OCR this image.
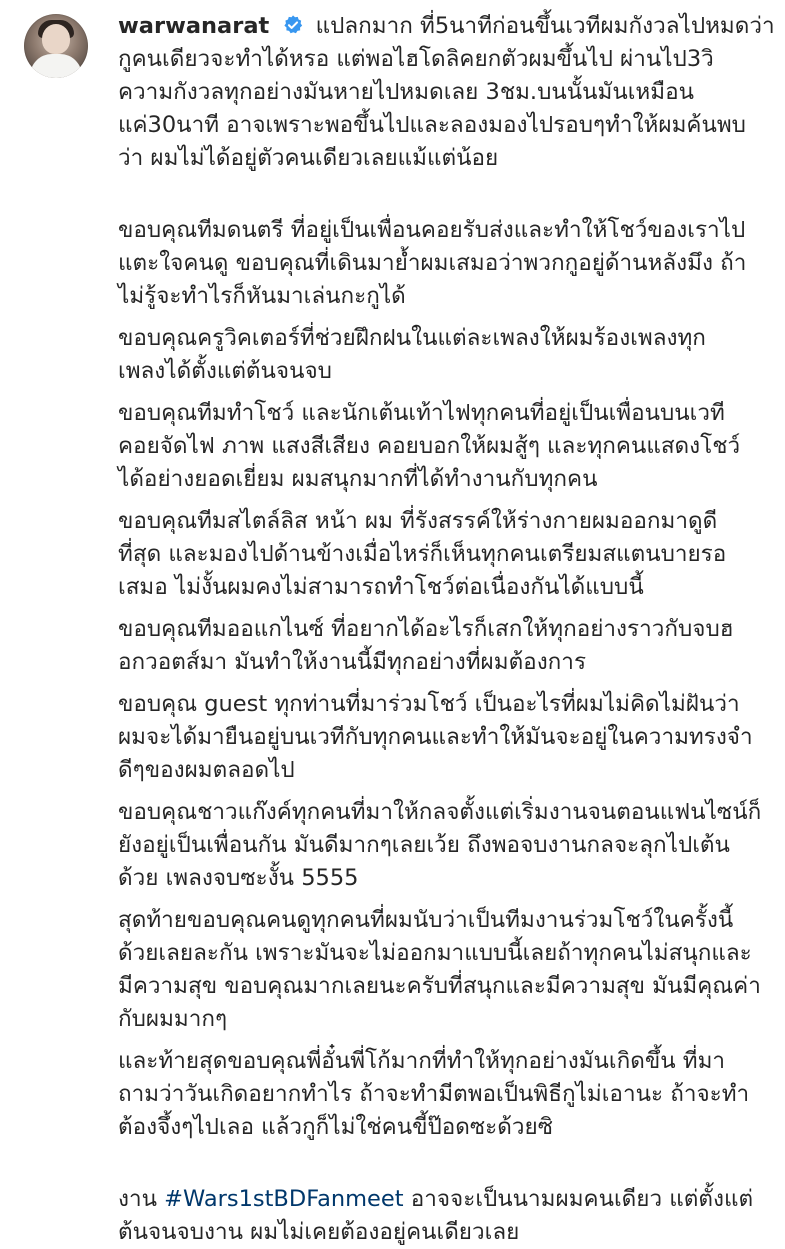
warwanarat แปลกมาก ที่5นาทีก่อนขึ้นเวทีผมกังวลไปหมดว่า
กูคนเดียวจะทำได้หรอ แต่พอไฮโดลิคยกตัวผมขึ้นไป ผ่านไป3วิ
ความกังวลทุกอย่างมันหายไปหมดเลย 3ชม.บนนั้นมันเหมือน
แค่30นาที อาจเพราะพอขึ้นไปและลองมองไปรอบๆทำให้ผมค้นพบ
ว่า ผมไม่ได้อยู่ตัวคนเดียวเลยแม้แต่น้อย
ขอบคุณทีมดนตรี ที่อยู่เป็นเพื่อนคอยรับส่งและทำให้โชว์ของเราไป
แตะใจคนดู ขอบคุณที่เดินมาย้ำผมเสมอว่าพวกกูอยู่ด้านหลังมึง ถ้า
ไม่รู้จะทำไรก็หันมาเล่นกะกูได้
ขอบคุณครูวิคเตอร์ที่ช่วยฝึกฝนในแต่ละเพลงให้ผมร้องเพลงทุก
เพลงได้ตั้งแต่ต้นจนจบ
ขอบคุณทีมทำโชว์ และนักเต้นเท้าไฟทุกคนที่อยู่เป็นเพื่อนบนเวที
คอยจัดไฟ ภาพ แสงสีเสียง คอยบอกให้ผมสู้ๆ และทุกคนแสดงโชว์
ได้อย่างยอดเยี่ยม ผมสนุกมากที่ได้ทำงานกับทุกคน
ขอบคุณทีมสไตล์ลิส หน้า ผม ที่รังสรรค์ให้ร่างกายผมออกมาดูดี
ที่สุด และมองไปด้านข้างเมื่อไหร่ก็เห็นทุกคนเตรียมสแตนบายรอ
เสมอ ไม่งั้นผมคงไม่สามารถทำโชว์ต่อเนื่องกันได้แบบนี้
ขอบคุณทีมออแกไนซ์ ที่อยากได้อะไรก็เสกให้ทุกอย่างราวกับจบฮ
อกวอตส์มา มันทำให้งานนี้มีทุกอย่างที่ผมต้องการ
ขอบคุณ guest ทุกท่านที่มาร่วมโชว์ เป็นอะไรที่ผมไม่คิดไม่ฝันว่า
ผมจะได้มายืนอยู่บนเวทีกับทุกคนและทำให้มันจะอยู่ในความทรงจำ
ดีๆของผมตลอดไป
ขอบคุณชาวแก๊งค์ทุกคนที่มาให้กลจตั้งแต่เริ่มงานจนตอนแฟนไซน์ก็
ยังอยู่เป็นเพื่อนกัน มันดีมากๆเลยเว้ย ถึงพอจบงานกลจะลุกไปเต้น
ด้วย เพลงจบซะงั้น 5555
สุดท้ายขอบคุณคนดูทุกคนที่ผมนับว่าเป็นทีมงานร่วมโชว์ในครั้งนี้
ด้วยเลยละกัน เพราะมันจะไม่ออกมาแบบนี้เลยถ้าทุกคนไม่สนุกและ
มีความสุข ขอบคุณมากเลยนะครับที่สนุกและมีความสุข มันมีคุณค่า
กับผมมากๆ
และท้ายสุดขอบคุณพี่อั๋นพี่โก้มากที่ทำให้ทุกอย่างมันเกิดขึ้น ที่มา
ถามว่าวันเกิดอยากทำไร ถ้าจะทำมีตพอเป็นพิธีกูไม่เอานะ ถ้าจะทำ
ต้องจึ้งๆไปเลอ แล้วกูก็ไม่ใช่คนขี้ป๊อดซะด้วยซิ
งาน #Wars1stBDFanmeet อาจจะเป็นนามผมคนเดียว แต่ตั้งแต่
ต้นจนจบงาน ผมไม่เคยต้องอยู่คนเดียวเลย
